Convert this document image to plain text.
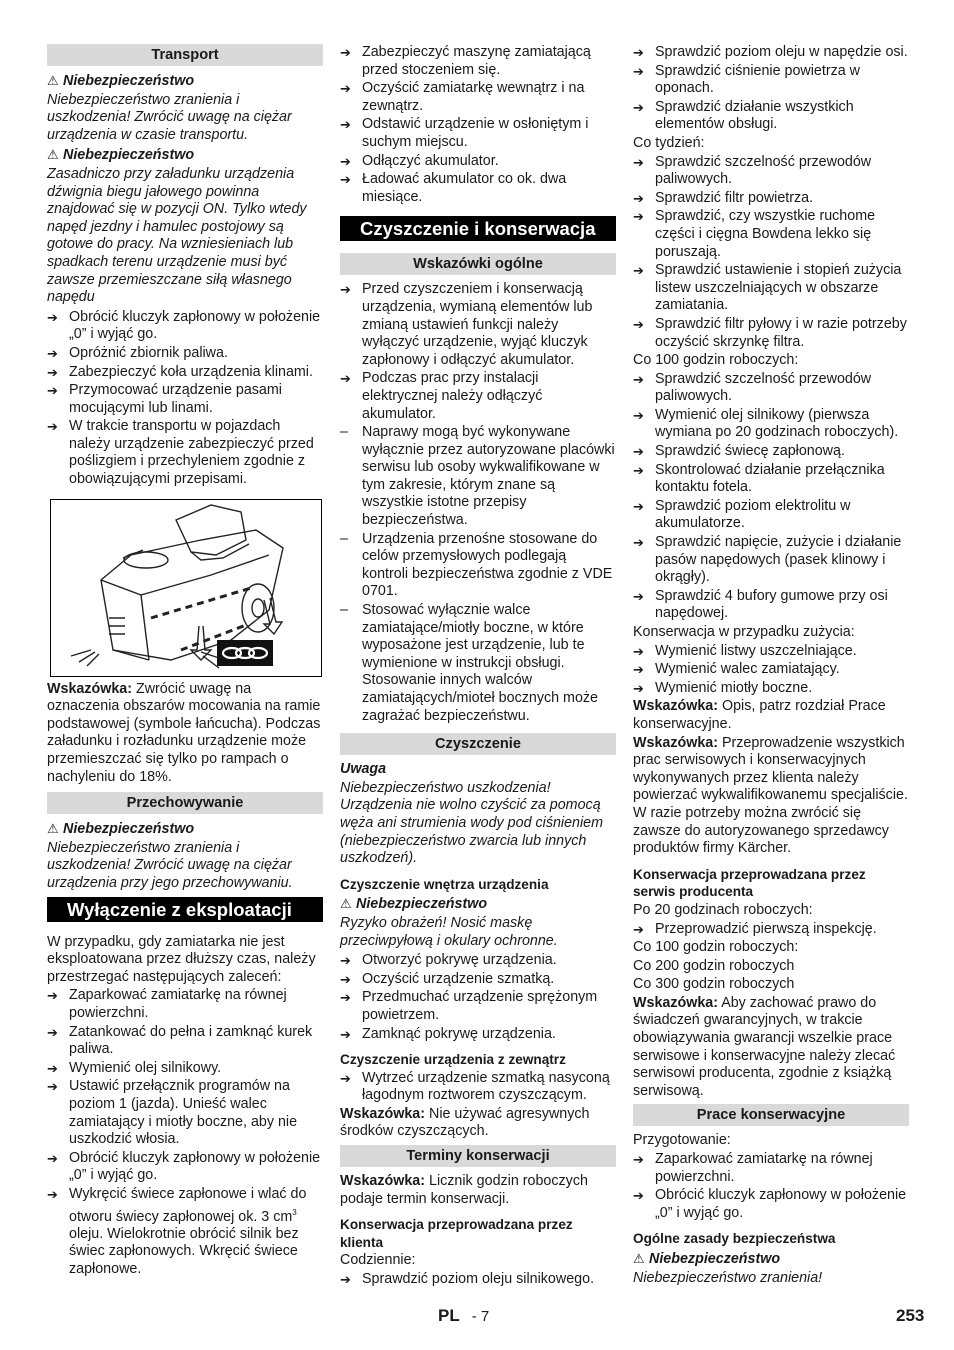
Transport
⚠ Niebezpieczeństwo
Niebezpieczeństwo zranienia i uszkodzenia! Zwrócić uwagę na ciężar urządzenia w czasie transportu.
⚠ Niebezpieczeństwo
Zasadniczo przy załadunku urządzenia dźwignia biegu jałowego powinna znajdować się w pozycji ON. Tylko wtedy napęd jezdny i hamulec postojowy są gotowe do pracy. Na wzniesieniach lub spadkach terenu urządzenie musi być zawsze przemieszczane siłą własnego napędu
➔ Obrócić kluczyk zapłonowy w położenie „0” i wyjąć go.
➔ Opróżnić zbiornik paliwa.
➔ Zabezpieczyć koła urządzenia klinami.
➔ Przymocować urządzenie pasami mocującymi lub linami.
➔ W trakcie transportu w pojazdach należy urządzenie zabezpieczyć przed poślizgiem i przechyleniem zgodnie z obowiązującymi przepisami.
Wskazówka: Zwrócić uwagę na oznaczenia obszarów mocowania na ramie podstawowej (symbole łańcucha). Podczas załadunku i rozładunku urządzenie może przemieszczać się tylko po rampach o nachyleniu do 18%.
Przechowywanie
⚠ Niebezpieczeństwo
Niebezpieczeństwo zranienia i uszkodzenia! Zwrócić uwagę na ciężar urządzenia przy jego przechowywaniu.
Wyłączenie z eksploatacji
W przypadku, gdy zamiatarka nie jest eksploatowana przez dłuższy czas, należy przestrzegać następujących zaleceń:
➔ Zaparkować zamiatarkę na równej powierzchni.
➔ Zatankować do pełna i zamknąć kurek paliwa.
➔ Wymienić olej silnikowy.
➔ Ustawić przełącznik programów na poziom 1 (jazda). Unieść walec zamiatający i miotły boczne, aby nie uszkodzić włosia.
➔ Obrócić kluczyk zapłonowy w położenie „0” i wyjąć go.
➔ Wykręcić świece zapłonowe i wlać do otworu świecy zapłonowej ok. 3 $cm^3$ oleju. Wielokrotnie obrócić silnik bez świec zapłonowych. Wkręcić świece zapłonowe.
➔ Zabezpieczyć maszynę zamiatającą przed stoczeniem się.
➔ Oczyścić zamiatarkę wewnątrz i na zewnątrz.
➔ Odstawić urządzenie w osłoniętym i suchym miejscu.
➔ Odłączyć akumulator.
➔ Ładować akumulator co ok. dwa miesiące.
Czyszczenie i konserwacja
Wskazówki ogólne
➔ Przed czyszczeniem i konserwacją urządzenia, wymianą elementów lub zmianą ustawień funkcji należy wyłączyć urządzenie, wyjąć kluczyk zapłonowy i odłączyć akumulator.
➔ Podczas prac przy instalacji elektrycznej należy odłączyć akumulator.
– Naprawy mogą być wykonywane wyłącznie przez autoryzowane placówki serwisu lub osoby wykwalifikowane w tym zakresie, którym znane są wszystkie istotne przepisy bezpieczeństwa.
– Urządzenia przenośne stosowane do celów przemysłowych podlegają kontroli bezpieczeństwa zgodnie z VDE 0701.
– Stosować wyłącznie walce zamiatające/miotły boczne, w które wyposażone jest urządzenie, lub te wymienione w instrukcji obsługi. Stosowanie innych walców zamiatających/mioteł bocznych może zagrażać bezpieczeństwu.
Czyszczenie
Uwaga
Niebezpieczeństwo uszkodzenia! Urządzenia nie wolno czyścić za pomocą węża ani strumienia wody pod ciśnieniem (niebezpieczeństwo zwarcia lub innych uszkodzeń).
Czyszczenie wnętrza urządzenia
⚠ Niebezpieczeństwo
Ryzyko obrażeń! Nosić maskę przeciwpyłową i okulary ochronne.
➔ Otworzyć pokrywę urządzenia.
➔ Oczyścić urządzenie szmatką.
➔ Przedmuchać urządzenie sprężonym powietrzem.
➔ Zamknąć pokrywę urządzenia.
Czyszczenie urządzenia z zewnątrz
➔ Wytrzeć urządzenie szmatką nasyconą łagodnym roztworem czyszczącym.
Wskazówka: Nie używać agresywnych środków czyszczących.
Terminy konserwacji
Wskazówka: Licznik godzin roboczych podaje termin konserwacji.
Konserwacja przeprowadzana przez klienta
Codziennie:
➔ Sprawdzić poziom oleju silnikowego.
➔ Sprawdzić poziom oleju w napędzie osi.
➔ Sprawdzić ciśnienie powietrza w oponach.
➔ Sprawdzić działanie wszystkich elementów obsługi.
Co tydzień:
➔ Sprawdzić szczelność przewodów paliwowych.
➔ Sprawdzić filtr powietrza.
➔ Sprawdzić, czy wszystkie ruchome części i cięgna Bowdena lekko się poruszają.
➔ Sprawdzić ustawienie i stopień zużycia listew uszczelniających w obszarze zamiatania.
➔ Sprawdzić filtr pyłowy i w razie potrzeby oczyścić skrzynkę filtra.
Co 100 godzin roboczych:
➔ Sprawdzić szczelność przewodów paliwowych.
➔ Wymienić olej silnikowy (pierwsza wymiana po 20 godzinach roboczych).
➔ Sprawdzić świecę zapłonową.
➔ Skontrolować działanie przełącznika kontaktu fotela.
➔ Sprawdzić poziom elektrolitu w akumulatorze.
➔ Sprawdzić napięcie, zużycie i działanie pasów napędowych (pasek klinowy i okrągły).
➔ Sprawdzić 4 bufory gumowe przy osi napędowej.
Konserwacja w przypadku zużycia:
➔ Wymienić listwy uszczelniające.
➔ Wymienić walec zamiatający.
➔ Wymienić miotły boczne.
Wskazówka: Opis, patrz rozdział Prace konserwacyjne.
Wskazówka: Przeprowadzenie wszystkich prac serwisowych i konserwacyjnych wykonywanych przez klienta należy powierzać wykwalifikowanemu specjaliście. W razie potrzeby można zwrócić się zawsze do autoryzowanego sprzedawcy produktów firmy Kärcher.
Konserwacja przeprowadzana przez serwis producenta
Po 20 godzinach roboczych:
➔ Przeprowadzić pierwszą inspekcję.
Co 100 godzin roboczych:
Co 200 godzin roboczych
Co 300 godzin roboczych
Wskazówka: Aby zachować prawo do świadczeń gwarancyjnych, w trakcie obowiązywania gwarancji wszelkie prace serwisowe i konserwacyjne należy zlecać serwisowi producenta, zgodnie z książką serwisową.
Prace konserwacyjne
Przygotowanie:
➔ Zaparkować zamiatarkę na równej powierzchni.
➔ Obrócić kluczyk zapłonowy w położenie „0” i wyjąć go.
Ogólne zasady bezpieczeństwa
⚠ Niebezpieczeństwo
Niebezpieczeństwo zranienia!
PL - 7	253
